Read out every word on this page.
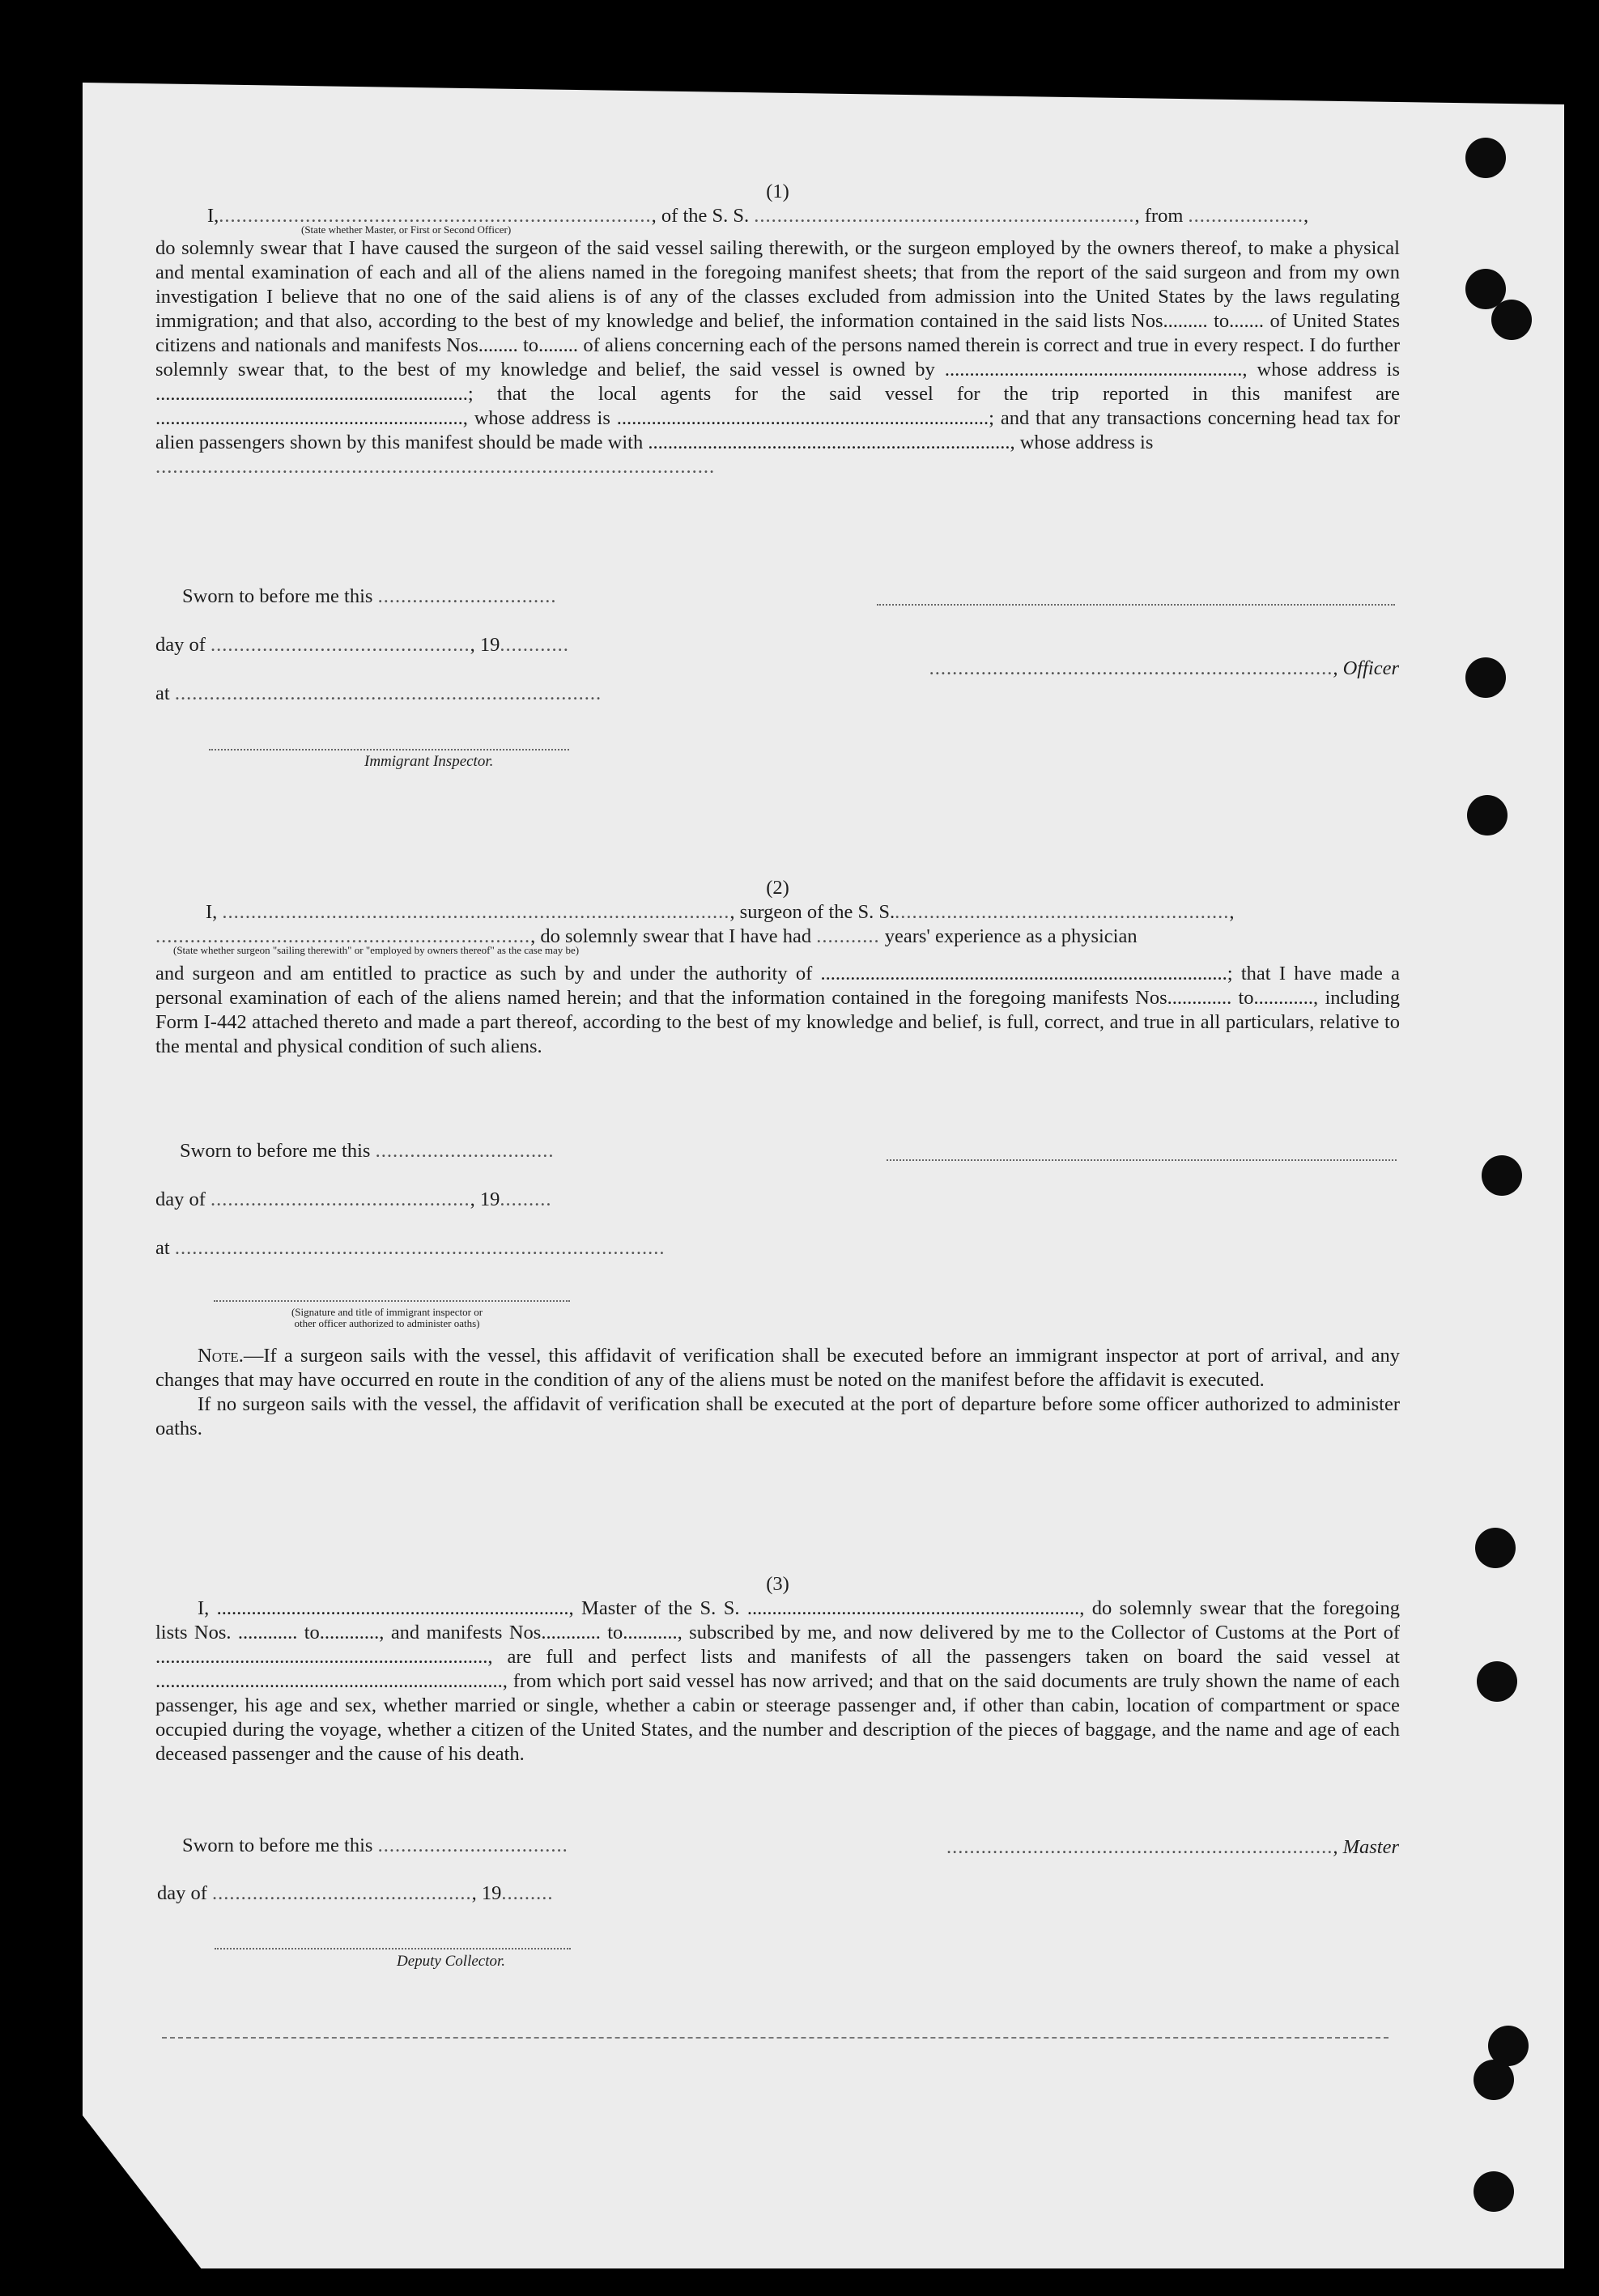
(1)

I,..........................................................................., of the S. S. .................................................................., from ....................,

(State whether Master, or First or Second Officer)

do solemnly swear that I have caused the surgeon of the said vessel sailing therewith, or the surgeon employed by the owners thereof, to make a physical and mental examination of each and all of the aliens named in the foregoing manifest sheets; that from the report of the said surgeon and from my own investigation I believe that no one of the said aliens is of any of the classes excluded from admission into the United States by the laws regulating immigration; and that also, according to the best of my knowledge and belief, the information contained in the said lists Nos......... to....... of United States citizens and nationals and manifests Nos........ to........ of aliens concerning each of the persons named therein is correct and true in every respect. I do further solemnly swear that, to the best of my knowledge and belief, the said vessel is owned by ............................................................, whose address is ...............................................................; that the local agents for the said vessel for the trip reported in this manifest are .............................................................., whose address is ...........................................................................; and that any transactions concerning head tax for alien passengers shown by this manifest should be made with ........................................................................., whose address is

.................................................................................................

Sworn to before me this ...............................
day of ............................................., 19............
......................................................................, Officer
at ..........................................................................
Immigrant Inspector.

(2)

I, ........................................................................................, surgeon of the S. S...........................................................,

................................................................., do solemnly swear that I have had ........... years' experience as a physician

(State whether surgeon "sailing therewith" or "employed by owners thereof" as the case may be)

and surgeon and am entitled to practice as such by and under the authority of ..................................................................................; that I have made a personal examination of each of the aliens named herein; and that the information contained in the foregoing manifests Nos............. to............, including Form I-442 attached thereto and made a part thereof, according to the best of my knowledge and belief, is full, correct, and true in all particulars, relative to the mental and physical condition of such aliens.

Sworn to before me this ...............................
day of ............................................., 19.........
at .....................................................................................
(Signature and title of immigrant inspector or
other officer authorized to administer oaths)

Note.—If a surgeon sails with the vessel, this affidavit of verification shall be executed before an immigrant inspector at port of arrival, and any changes that may have occurred en route in the condition of any of the aliens must be noted on the manifest before the affidavit is executed.

If no surgeon sails with the vessel, the affidavit of verification shall be executed at the port of departure before some officer authorized to administer oaths.

(3)

I, ......................................................................., Master of the S. S. ..................................................................., do solemnly swear that the foregoing lists Nos. ............ to............, and manifests Nos............ to..........., subscribed by me, and now delivered by me to the Collector of Customs at the Port of ..................................................................., are full and perfect lists and manifests of all the passengers taken on board the said vessel at ......................................................................, from which port said vessel has now arrived; and that on the said documents are truly shown the name of each passenger, his age and sex, whether married or single, whether a cabin or steerage passenger and, if other than cabin, location of compartment or space occupied during the voyage, whether a citizen of the United States, and the number and description of the pieces of baggage, and the name and age of each deceased passenger and the cause of his death.

Sworn to before me this .................................	..................................................................., Master
day of ............................................., 19.........
Deputy Collector.
